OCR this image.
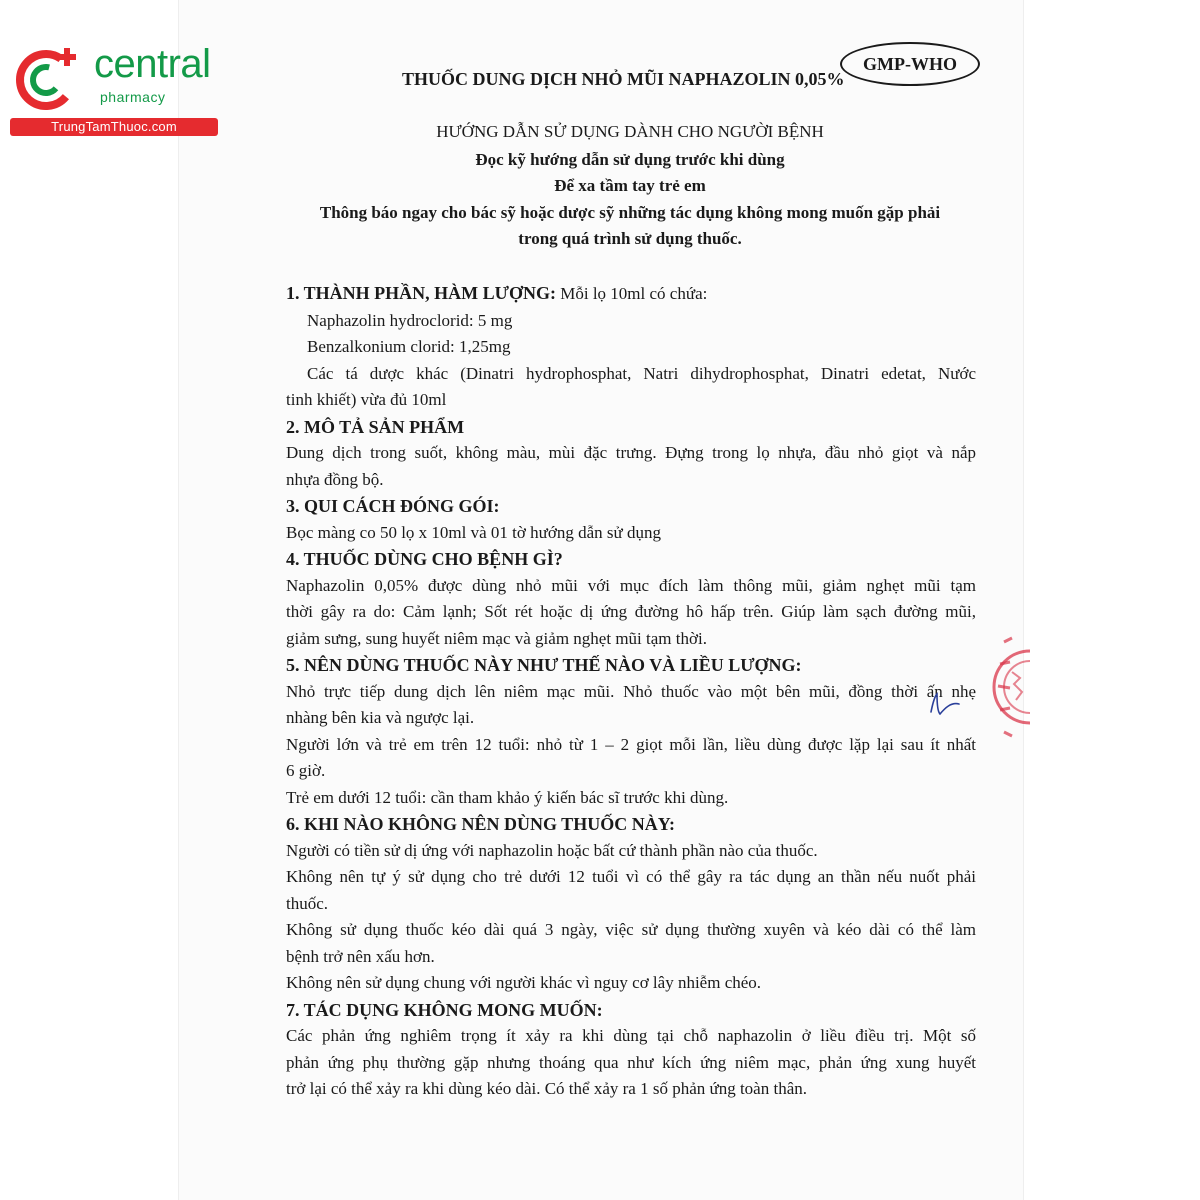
central
pharmacy
TrungTamThuoc.com
GMP-WHO
THUỐC DUNG DỊCH NHỎ MŨI NAPHAZOLIN 0,05%
HƯỚNG DẪN SỬ DỤNG DÀNH CHO NGƯỜI BỆNH
Đọc kỹ hướng dẫn sử dụng trước khi dùng
Để xa tầm tay trẻ em
Thông báo ngay cho bác sỹ hoặc dược sỹ những tác dụng không mong muốn gặp phải
trong quá trình sử dụng thuốc.
1. THÀNH PHẦN, HÀM LƯỢNG: Mỗi lọ 10ml có chứa:
Naphazolin hydroclorid: 5 mg
Benzalkonium clorid: 1,25mg
Các tá dược khác (Dinatri hydrophosphat, Natri dihydrophosphat, Dinatri edetat, Nước
tinh khiết) vừa đủ 10ml
2. MÔ TẢ SẢN PHẨM
Dung dịch trong suốt, không màu, mùi đặc trưng. Đựng trong lọ nhựa, đầu nhỏ giọt và nắp
nhựa đồng bộ.
3. QUI CÁCH ĐÓNG GÓI:
Bọc màng co 50 lọ x 10ml và 01 tờ hướng dẫn sử dụng
4. THUỐC DÙNG CHO BỆNH GÌ?
Naphazolin 0,05% được dùng nhỏ mũi với mục đích làm thông mũi, giảm nghẹt mũi tạm
thời gây ra do: Cảm lạnh; Sốt rét hoặc dị ứng đường hô hấp trên. Giúp làm sạch đường mũi,
giảm sưng, sung huyết niêm mạc và giảm nghẹt mũi tạm thời.
5. NÊN DÙNG THUỐC NÀY NHƯ THẾ NÀO VÀ LIỀU LƯỢNG:
Nhỏ trực tiếp dung dịch lên niêm mạc mũi. Nhỏ thuốc vào một bên mũi, đồng thời ấn nhẹ
nhàng bên kia và ngược lại.
Người lớn và trẻ em trên 12 tuổi: nhỏ từ 1 – 2 giọt mỗi lần, liều dùng được lặp lại sau ít nhất
6 giờ.
Trẻ em dưới 12 tuổi: cần tham khảo ý kiến bác sĩ trước khi dùng.
6. KHI NÀO KHÔNG NÊN DÙNG THUỐC NÀY:
Người có tiền sử dị ứng với naphazolin hoặc bất cứ thành phần nào của thuốc.
Không nên tự ý sử dụng cho trẻ dưới 12 tuổi vì có thể gây ra tác dụng an thần nếu nuốt phải
thuốc.
Không sử dụng thuốc kéo dài quá 3 ngày, việc sử dụng thường xuyên và kéo dài có thể làm
bệnh trở nên xấu hơn.
Không nên sử dụng chung với người khác vì nguy cơ lây nhiễm chéo.
7. TÁC DỤNG KHÔNG MONG MUỐN:
Các phản ứng nghiêm trọng ít xảy ra khi dùng tại chỗ naphazolin ở liều điều trị. Một số
phản ứng phụ thường gặp nhưng thoáng qua như kích ứng niêm mạc, phản ứng xung huyết
trở lại có thể xảy ra khi dùng kéo dài. Có thể xảy ra 1 số phản ứng toàn thân.
